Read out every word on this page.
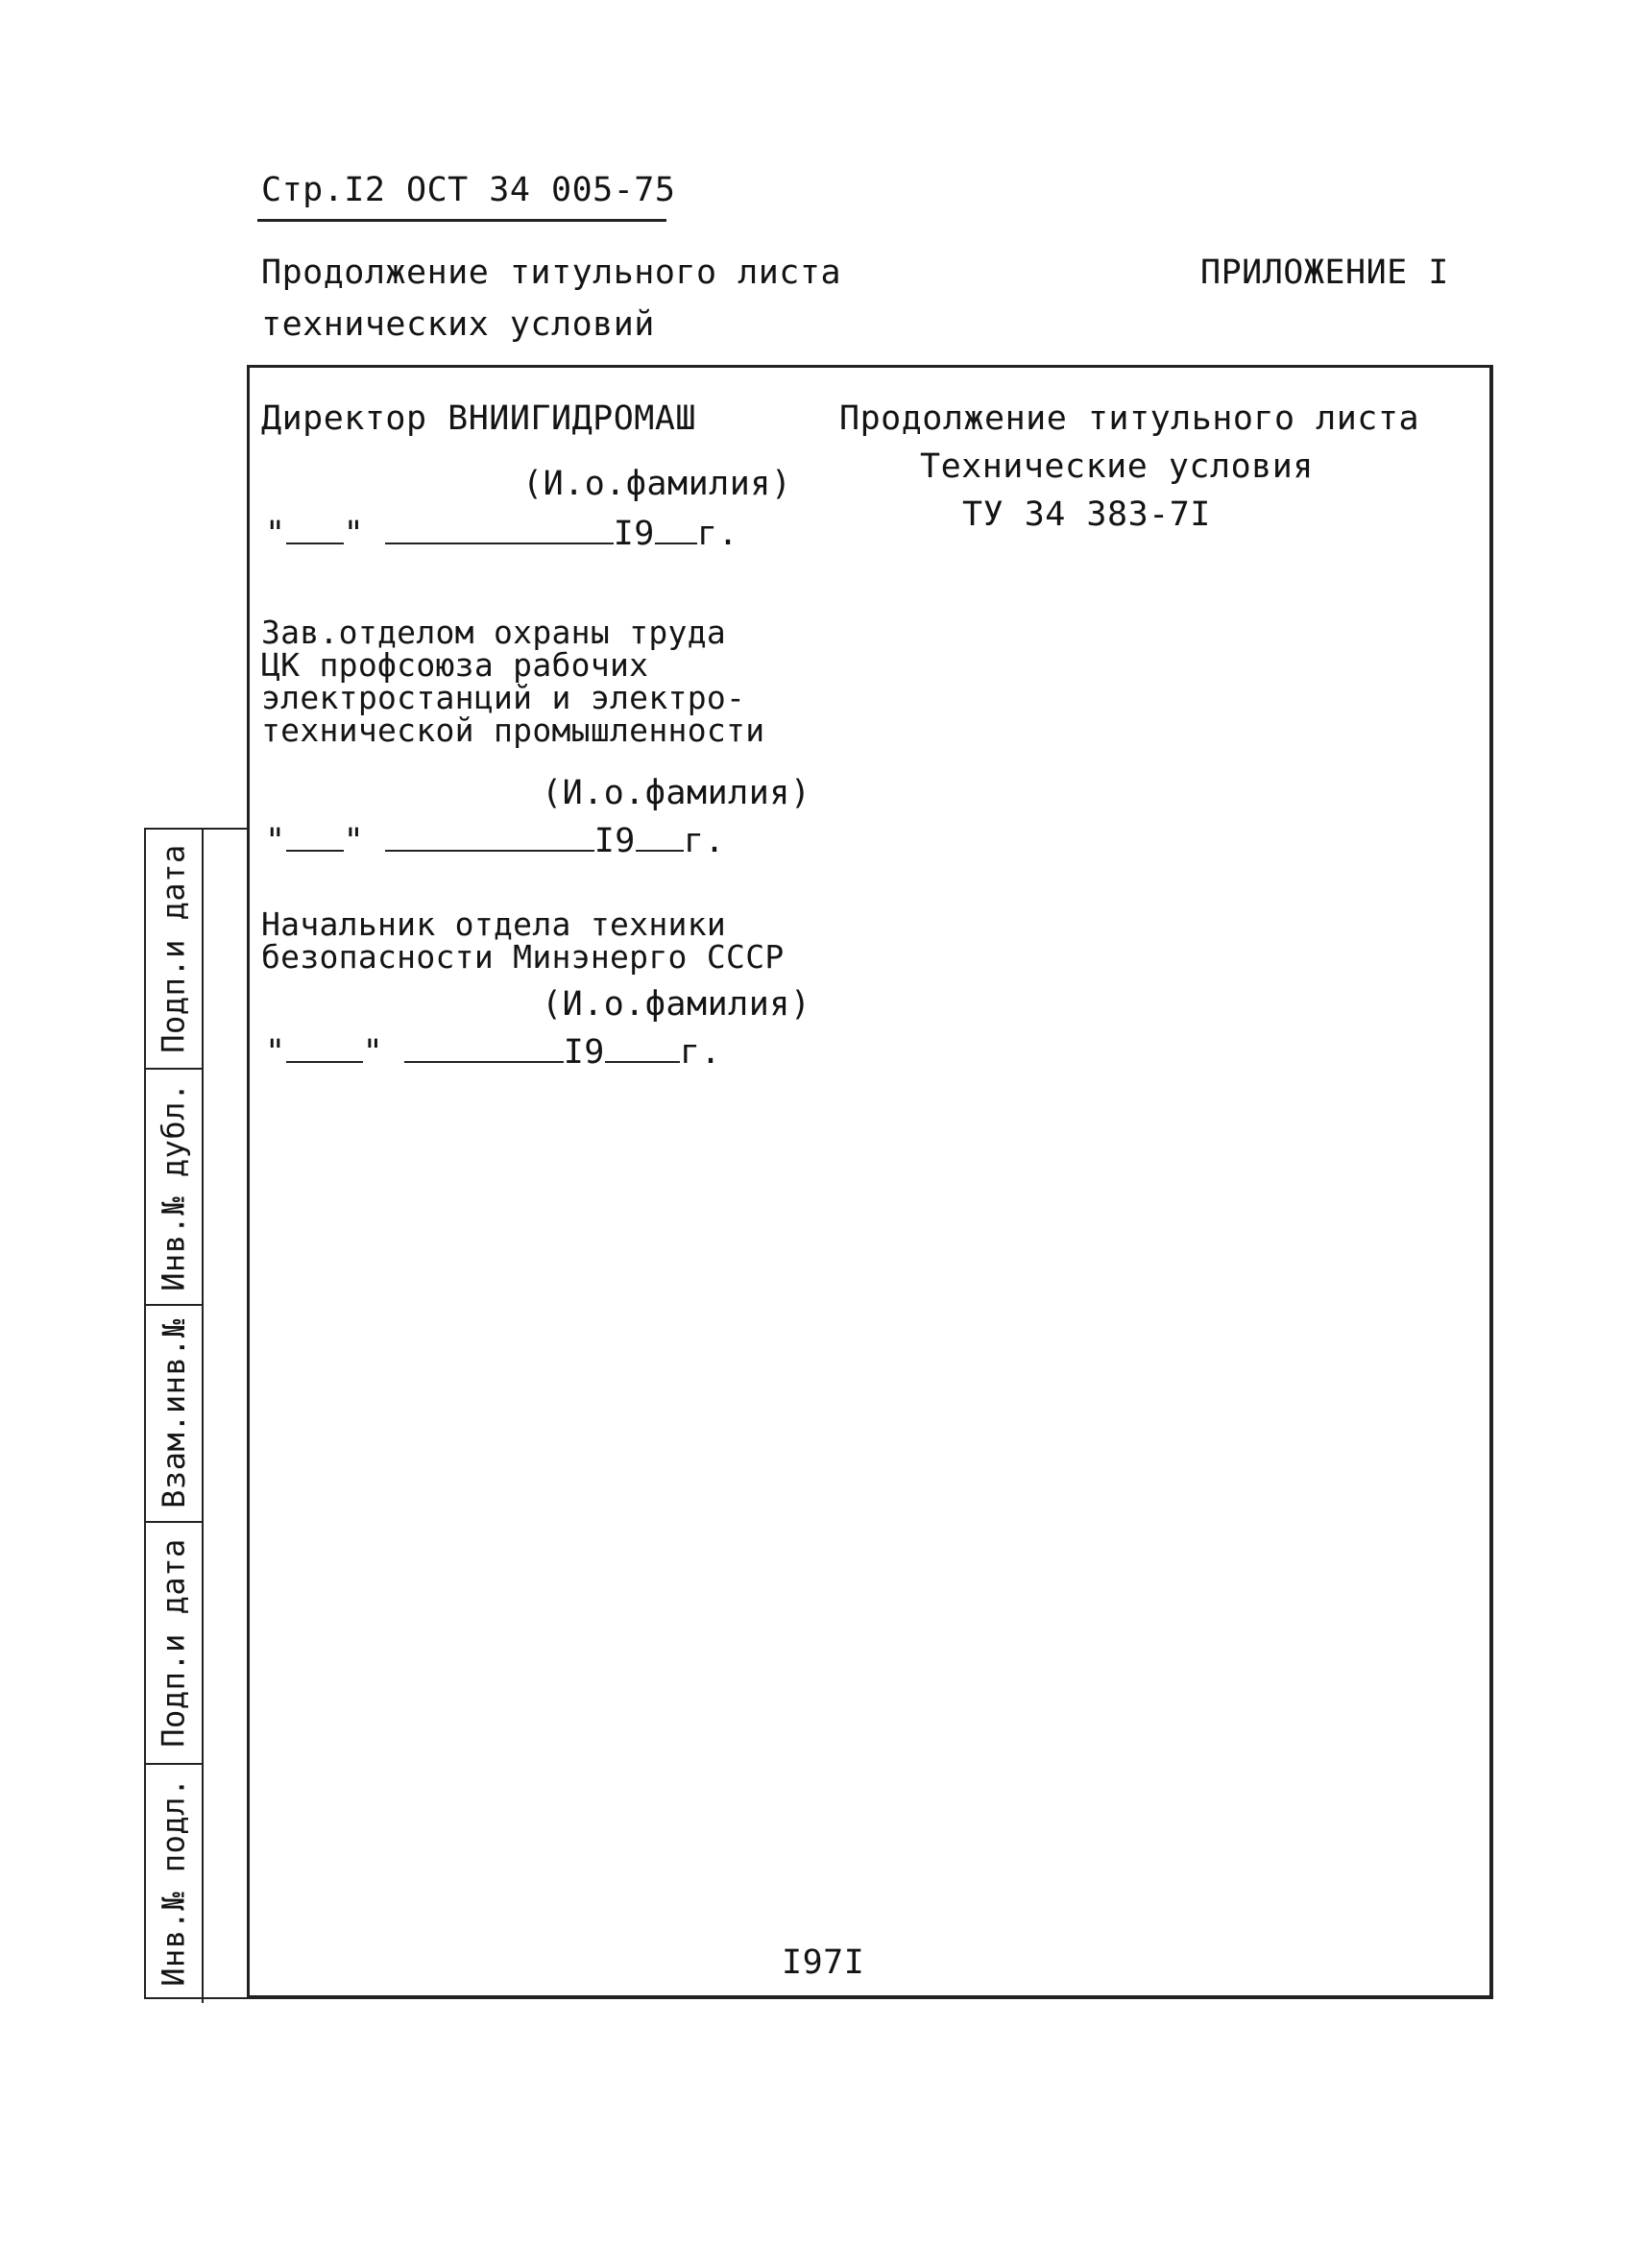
Стр.I2 ОСТ 34 005-75
Продолжение титульного листа
технических условий
ПРИЛОЖЕНИЕ I
Подп.и дата
Инв.№ дубл.
Взам.инв.№
Подп.и дата
Инв.№ подл.
Продолжение титульного листа
Технические условия
ТУ 34 383-7I
Директор ВНИИГИДРОМАШ
(И.о.фамилия)
" "	I9 г.
Зав.отделом охраны труда
ЦК профсоюза рабочих
электростанций и электро-
технической промышленности
(И.о.фамилия)
" "	I9 г.
Начальник отдела техники
безопасности Минэнерго СССР
(И.о.фамилия)
" "	I9 г.
I97I
